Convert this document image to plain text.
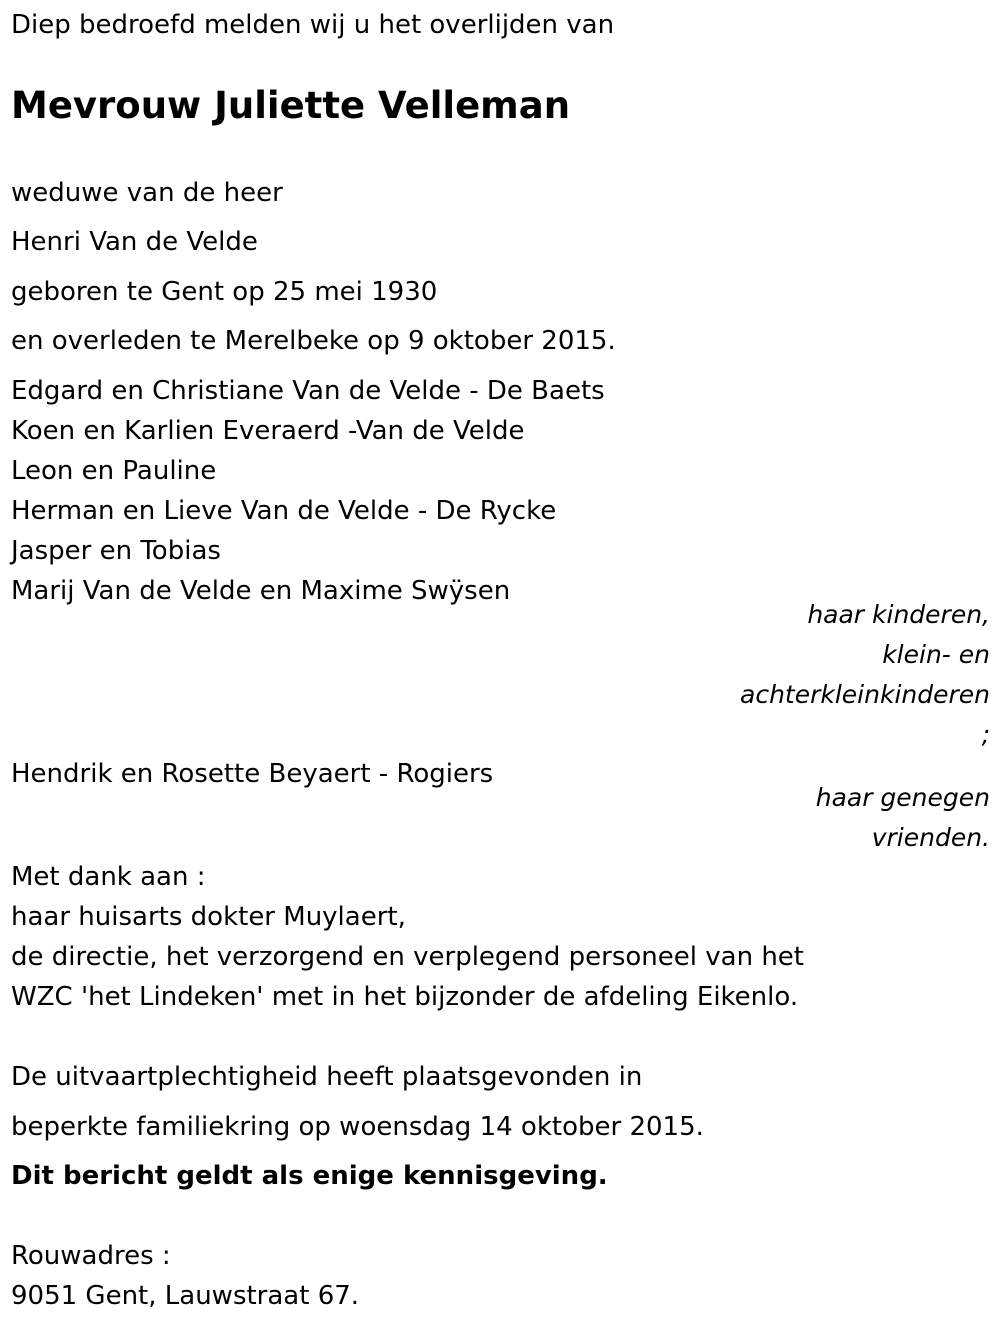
Diep bedroefd melden wij u het overlijden van
Mevrouw Juliette Velleman
weduwe van de heer
Henri Van de Velde
geboren te Gent op 25 mei 1930
en overleden te Merelbeke op 9 oktober 2015.
Edgard en Christiane Van de Velde - De Baets
Koen en Karlien Everaerd -Van de Velde
Leon en Pauline
Herman en Lieve Van de Velde - De Rycke
Jasper en Tobias
Marij Van de Velde en Maxime Swÿsen
haar kinderen,
klein- en
achterkleinkinderen
;
Hendrik en Rosette Beyaert - Rogiers
haar genegen
vrienden.
Met dank aan :
haar huisarts dokter Muylaert,
de directie, het verzorgend en verplegend personeel van het
WZC 'het Lindeken' met in het bijzonder de afdeling Eikenlo.
De uitvaartplechtigheid heeft plaatsgevonden in
beperkte familiekring op woensdag 14 oktober 2015.
Dit bericht geldt als enige kennisgeving.
Rouwadres :
9051 Gent, Lauwstraat 67.
